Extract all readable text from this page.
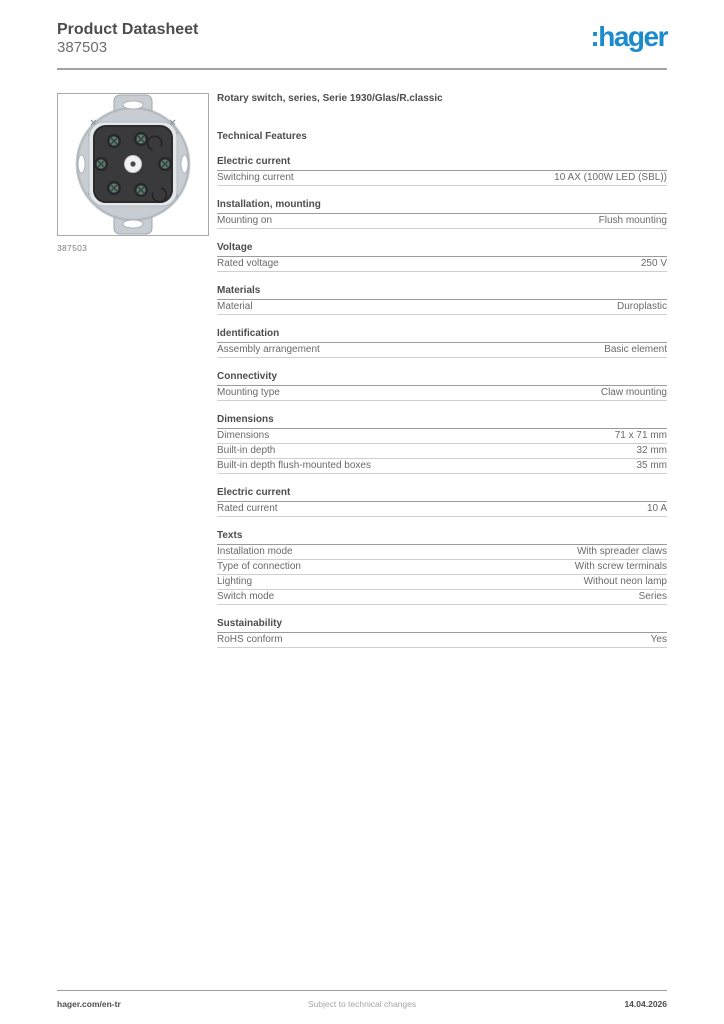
Product Datasheet
387503	:hager
387503
Rotary switch, series, Serie 1930/Glas/R.classic
Technical Features
Electric current
Switching current	10 AX (100W LED (SBL))
Installation, mounting
Mounting on	Flush mounting
Voltage
Rated voltage	250 V
Materials
Material	Duroplastic
Identification
Assembly arrangement	Basic element
Connectivity
Mounting type	Claw mounting
Dimensions
Dimensions	71 x 71 mm
Built-in depth	32 mm
Built-in depth flush-mounted boxes	35 mm
Electric current
Rated current	10 A
Texts
Installation mode	With spreader claws
Type of connection	With screw terminals
Lighting	Without neon lamp
Switch mode	Series
Sustainability
RoHS conform	Yes
hager.com/en-tr	Subject to technical changes	14.04.2026
